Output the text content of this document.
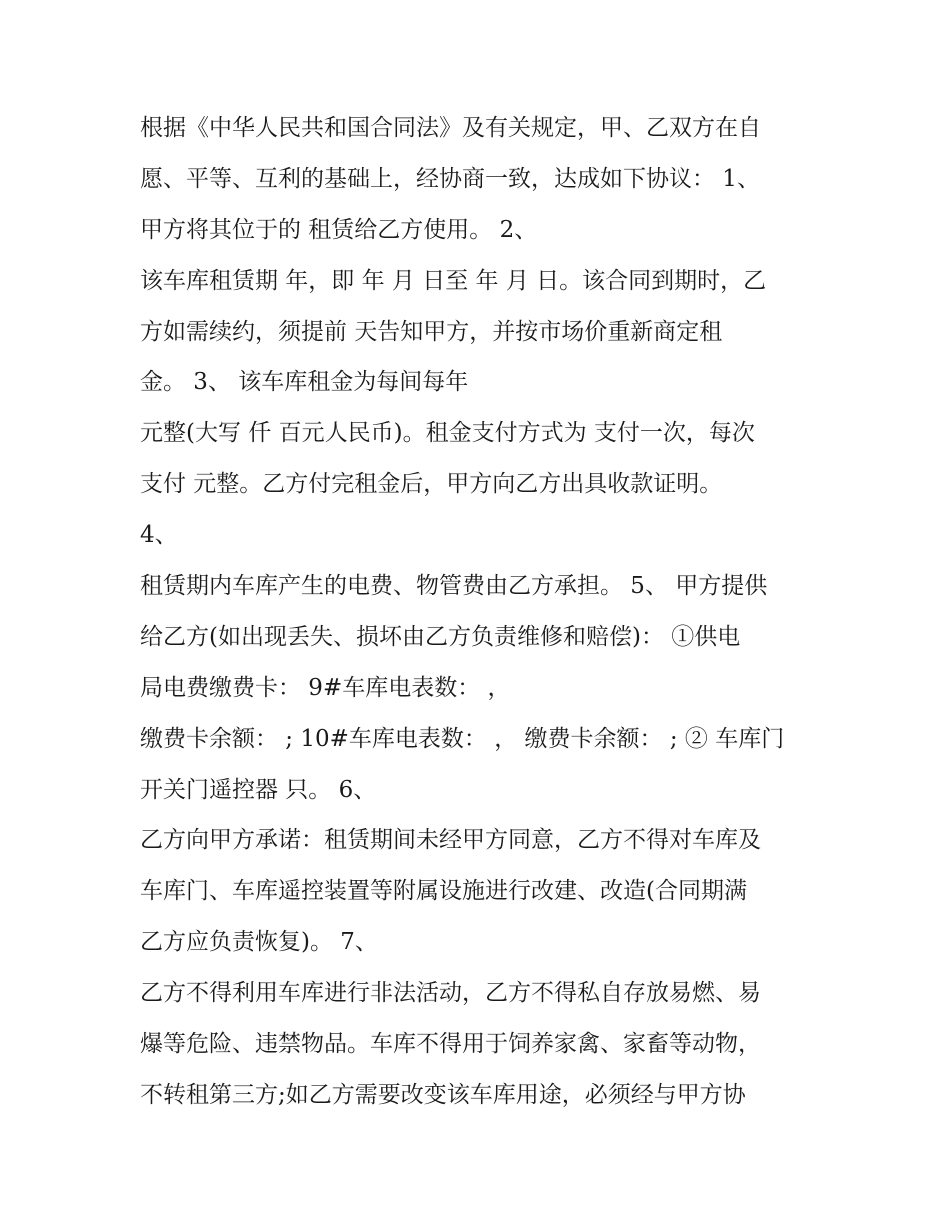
根据《中华人民共和国合同法》及有关规定，甲、乙双方在自
愿、平等、互利的基础上，经协商一致，达成如下协议： 1、
甲方将其位于的 租赁给乙方使用。 2、
该车库租赁期 年，即 年 月 日至 年 月 日。该合同到期时，乙
方如需续约，须提前 天告知甲方，并按市场价重新商定租
金。 3、 该车库租金为每间每年
元整(大写 仟 百元人民币)。租金支付方式为 支付一次，每次
支付 元整。乙方付完租金后，甲方向乙方出具收款证明。
4、
租赁期内车库产生的电费、物管费由乙方承担。 5、 甲方提供
给乙方(如出现丢失、损坏由乙方负责维修和赔偿)： ①供电
局电费缴费卡： 9#车库电表数： ，
缴费卡余额： ; 10#车库电表数： ， 缴费卡余额： ; ② 车库门
开关门遥控器 只。 6、
乙方向甲方承诺：租赁期间未经甲方同意，乙方不得对车库及
车库门、车库遥控装置等附属设施进行改建、改造(合同期满
乙方应负责恢复)。 7、
乙方不得利用车库进行非法活动，乙方不得私自存放易燃、易
爆等危险、违禁物品。车库不得用于饲养家禽、家畜等动物，
不转租第三方;如乙方需要改变该车库用途，必须经与甲方协
